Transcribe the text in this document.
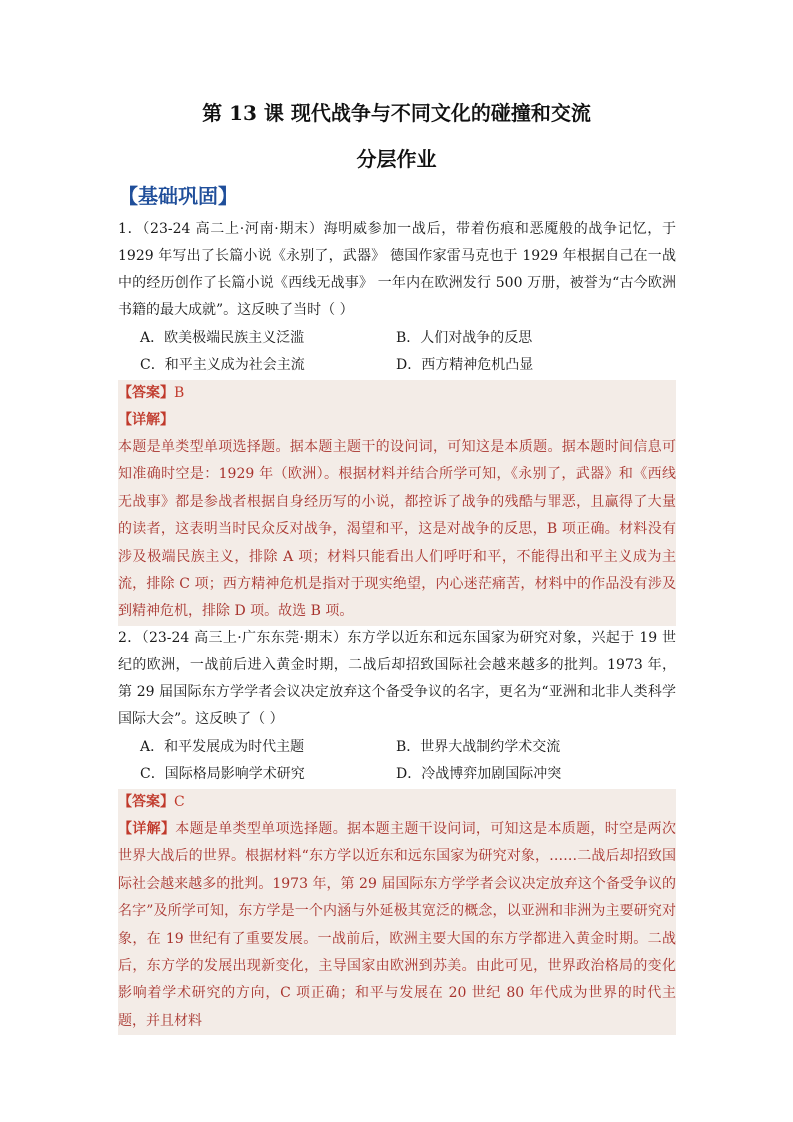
第 13 课 现代战争与不同文化的碰撞和交流
分层作业
【基础巩固】
1．（23-24 高二上·河南·期末）海明威参加一战后，带着伤痕和恶魇般的战争记忆，于 1929 年写出了长篇小说《永别了，武器》 德国作家雷马克也于 1929 年根据自己在一战中的经历创作了长篇小说《西线无战事》 一年内在欧洲发行 500 万册，被誉为“古今欧洲书籍的最大成就”。这反映了当时（ ）
A．欧美极端民族主义泛滥	B．人们对战争的反思
C．和平主义成为社会主流	D．西方精神危机凸显
【答案】B
【详解】
本题是单类型单项选择题。据本题主题干的设问词，可知这是本质题。据本题时间信息可知准确时空是：1929 年（欧洲）。根据材料并结合所学可知，《永别了，武器》和《西线无战事》都是参战者根据自身经历写的小说，都控诉了战争的残酷与罪恶，且赢得了大量的读者，这表明当时民众反对战争，渴望和平，这是对战争的反思，B 项正确。材料没有涉及极端民族主义，排除 A 项；材料只能看出人们呼吁和平，不能得出和平主义成为主流，排除 C 项；西方精神危机是指对于现实绝望，内心迷茫痛苦，材料中的作品没有涉及到精神危机，排除 D 项。故选 B 项。
2．（23-24 高三上·广东东莞·期末）东方学以近东和远东国家为研究对象，兴起于 19 世纪的欧洲，一战前后进入黄金时期，二战后却招致国际社会越来越多的批判。1973 年，第 29 届国际东方学学者会议决定放弃这个备受争议的名字，更名为“亚洲和北非人类科学国际大会”。这反映了（ ）
A．和平发展成为时代主题	B．世界大战制约学术交流
C．国际格局影响学术研究	D．冷战博弈加剧国际冲突
【答案】C
【详解】本题是单类型单项选择题。据本题主题干设问词，可知这是本质题，时空是两次世界大战后的世界。根据材料“东方学以近东和远东国家为研究对象，……二战后却招致国际社会越来越多的批判。1973 年，第 29 届国际东方学学者会议决定放弃这个备受争议的名字”及所学可知，东方学是一个内涵与外延极其宽泛的概念，以亚洲和非洲为主要研究对象，在 19 世纪有了重要发展。一战前后，欧洲主要大国的东方学都进入黄金时期。二战后，东方学的发展出现新变化，主导国家由欧洲到苏美。由此可见，世界政治格局的变化影响着学术研究的方向，C 项正确；和平与发展在 20 世纪 80 年代成为世界的时代主题，并且材料
